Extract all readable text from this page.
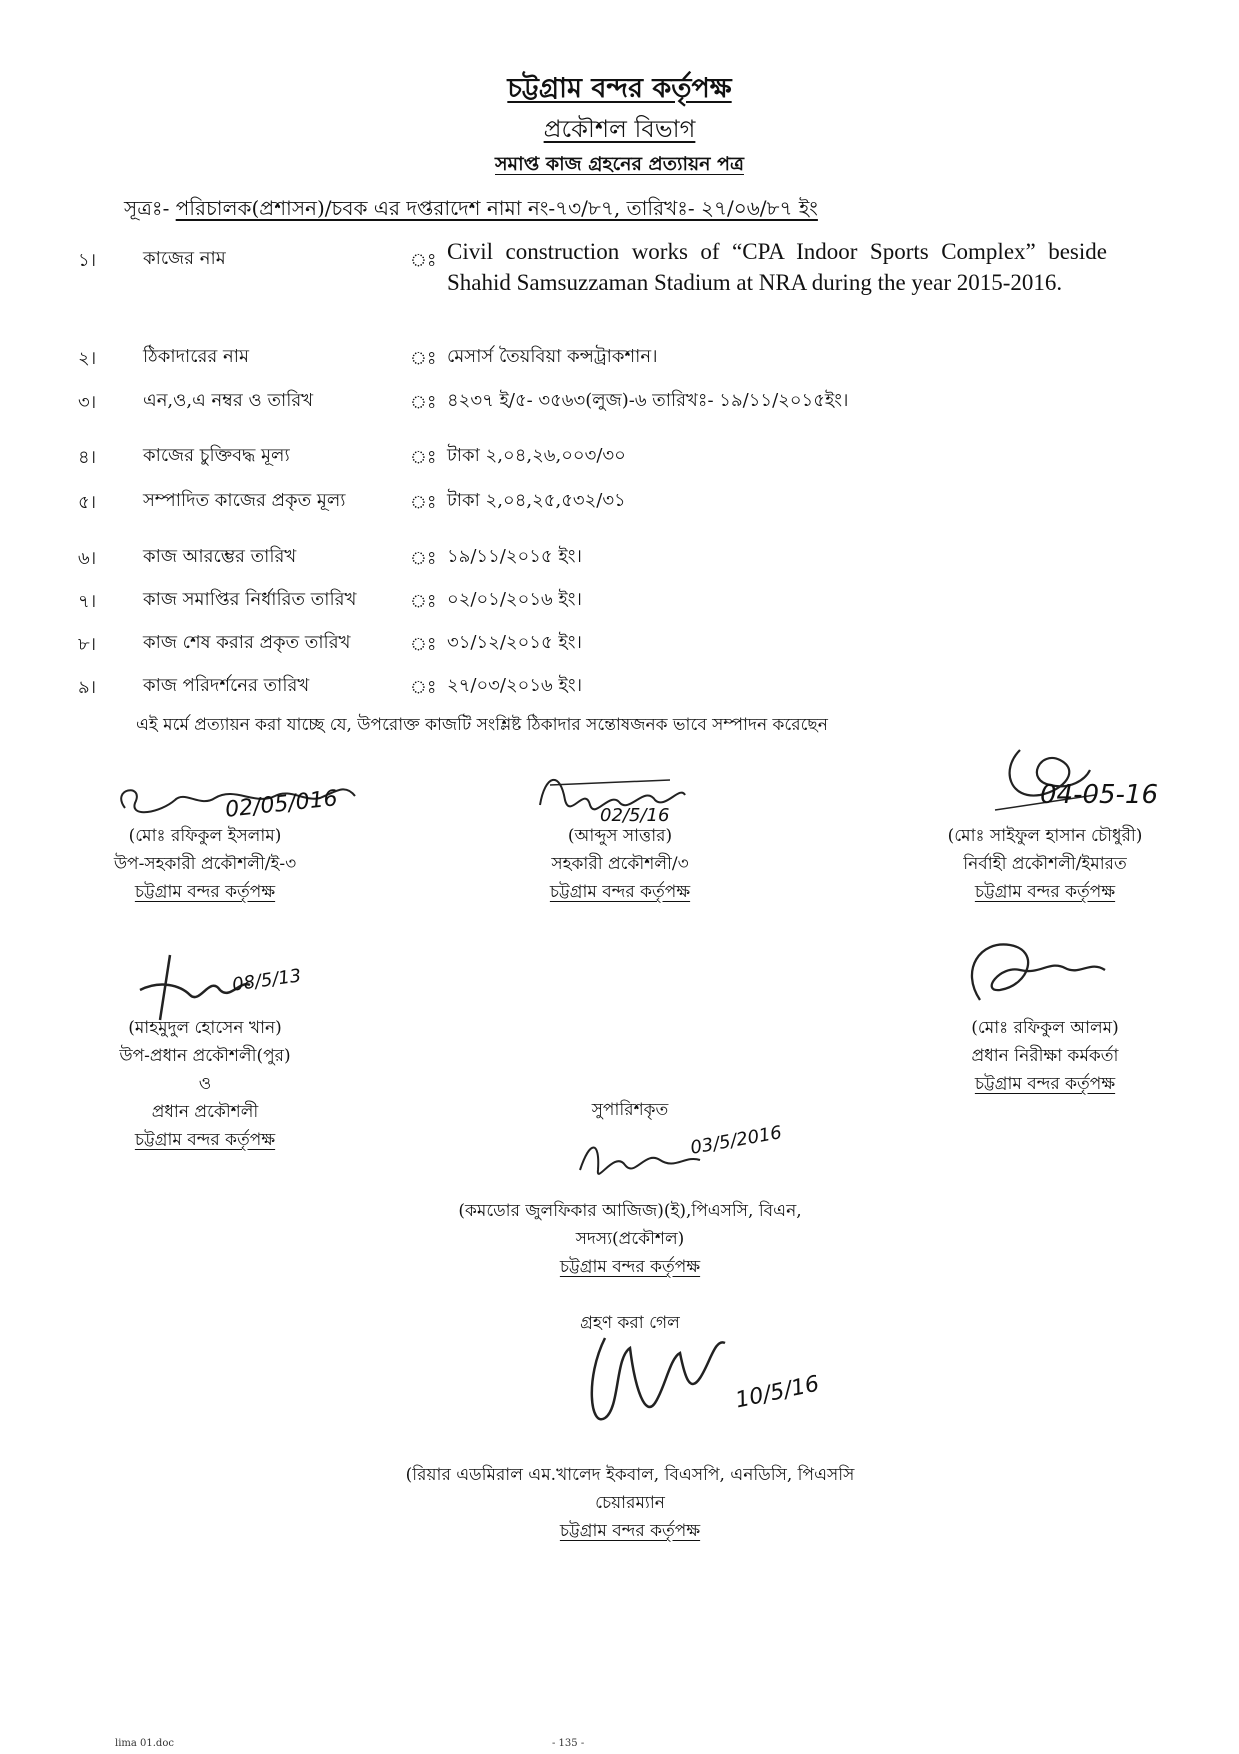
চট্টগ্রাম বন্দর কর্তৃপক্ষ
প্রকৌশল বিভাগ
সমাপ্ত কাজ গ্রহনের প্রত্যায়ন পত্র
সূত্রঃ- পরিচালক(প্রশাসন)/চবক এর দপ্তরাদেশ নামা নং-৭৩/৮৭, তারিখঃ- ২৭/০৬/৮৭ ইং
১।	কাজের নাম	ঃ Civil construction works of “CPA Indoor Sports Complex” beside Shahid Samsuzzaman Stadium at NRA during the year 2015-2016.
২।	ঠিকাদারের নাম	ঃ মেসার্স তৈয়বিয়া কন্সট্রাকশান।
৩।	এন,ও,এ নম্বর ও তারিখ	ঃ ৪২৩৭ ই/৫- ৩৫৬৩(লুজ)-৬ তারিখঃ- ১৯/১১/২০১৫ইং।
৪।	কাজের চুক্তিবদ্ধ মূল্য	ঃ টাকা ২,০৪,২৬,০০৩/৩০
৫।	সম্পাদিত কাজের প্রকৃত মূল্য	ঃ টাকা ২,০৪,২৫,৫৩২/৩১
৬।	কাজ আরম্ভের তারিখ	ঃ ১৯/১১/২০১৫ ইং।
৭।	কাজ সমাপ্তির নির্ধারিত তারিখ	ঃ ০২/০১/২০১৬ ইং।
৮।	কাজ শেষ করার প্রকৃত তারিখ	ঃ ৩১/১২/২০১৫ ইং।
৯।	কাজ পরিদর্শনের তারিখ	ঃ ২৭/০৩/২০১৬ ইং।
এই মর্মে প্রত্যায়ন করা যাচ্ছে যে, উপরোক্ত কাজটি সংশ্লিষ্ট ঠিকাদার সন্তোষজনক ভাবে সম্পাদন করেছেন
02/05/016
(মোঃ রফিকুল ইসলাম)
উপ-সহকারী প্রকৌশলী/ই-৩
চট্টগ্রাম বন্দর কর্তৃপক্ষ
02/5/16
(আব্দুস সাত্তার)
সহকারী প্রকৌশলী/৩
চট্টগ্রাম বন্দর কর্তৃপক্ষ
04-05-16
(মোঃ সাইফুল হাসান চৌধুরী)
নির্বাহী প্রকৌশলী/ইমারত
চট্টগ্রাম বন্দর কর্তৃপক্ষ
08/5/13
(মাহমুদুল হোসেন খান)
উপ-প্রধান প্রকৌশলী(পুর)
ও
প্রধান প্রকৌশলী
চট্টগ্রাম বন্দর কর্তৃপক্ষ
(মোঃ রফিকুল আলম)
প্রধান নিরীক্ষা কর্মকর্তা
চট্টগ্রাম বন্দর কর্তৃপক্ষ
সুপারিশকৃত
03/5/2016
(কমডোর জুলফিকার আজিজ)(ই),পিএসসি, বিএন,
সদস্য(প্রকৌশল)
চট্টগ্রাম বন্দর কর্তৃপক্ষ
গ্রহণ করা গেল
10/5/16
(রিয়ার এডমিরাল এম.খালেদ ইকবাল, বিএসপি, এনডিসি, পিএসসি
চেয়ারম্যান
চট্টগ্রাম বন্দর কর্তৃপক্ষ
lima 01.doc	- 135 -
